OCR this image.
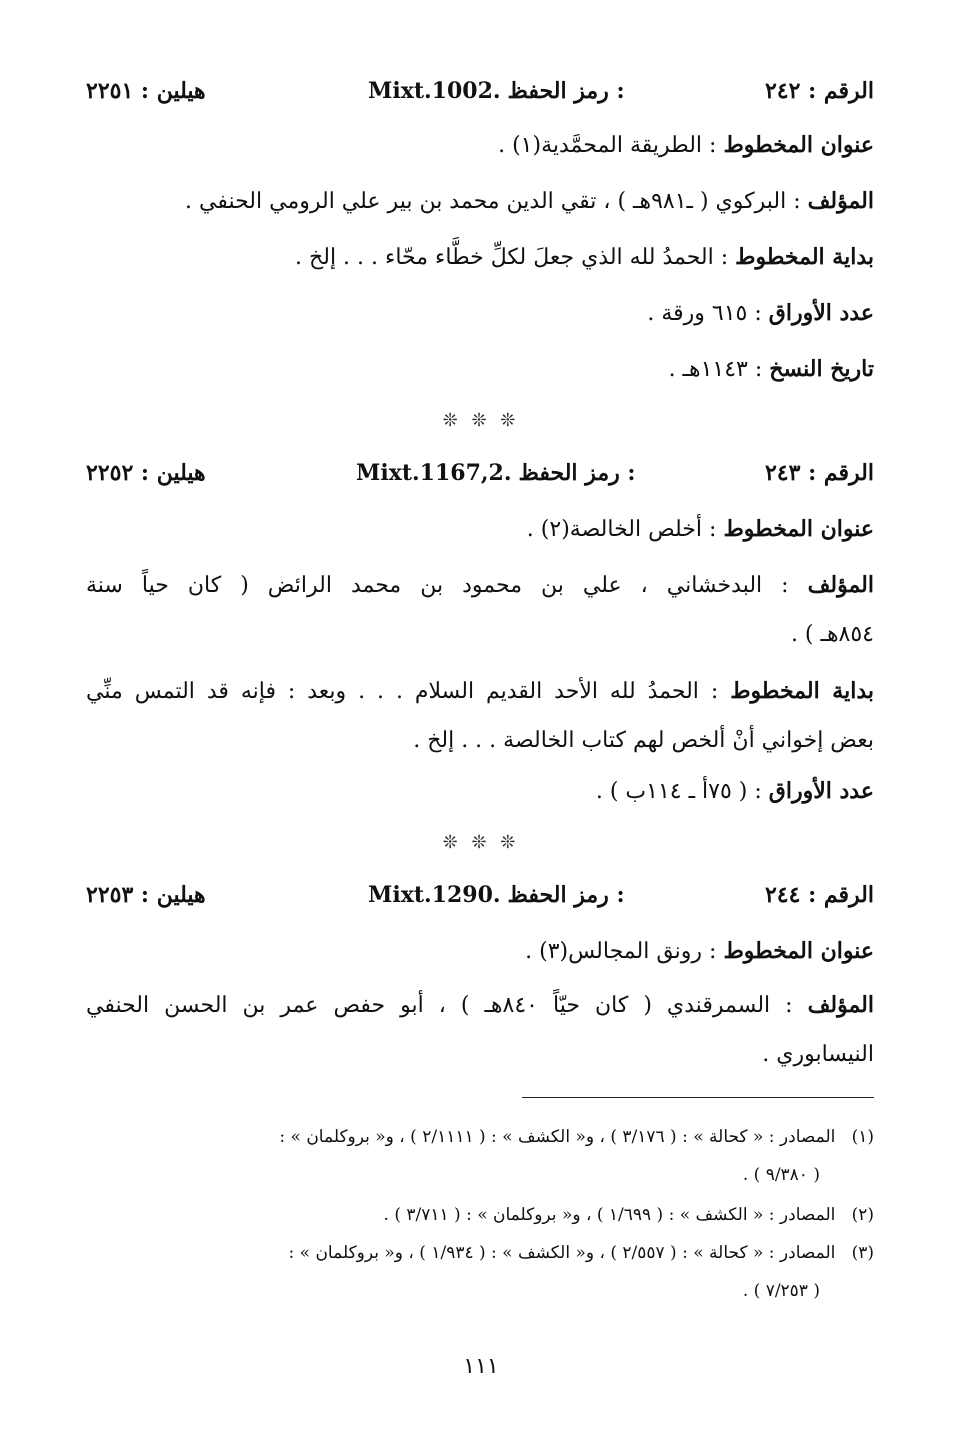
الرقم : ٢٤٢
Mixt.1002. رمز الحفظ :
هيلين : ٢٢٥١
عنوان المخطوط : الطريقة المحمَّدية(١) .
المؤلف : البركوي ( ـ٩٨١هـ ) ، تقي الدين محمد بن بير علي الرومي الحنفي .
بداية المخطوط : الحمدُ لله الذي جعلَ لكلِّ خطَّاء محّاء . . . إلخ .
عدد الأوراق : ٦١٥ ورقة .
تاريخ النسخ : ١١٤٣هـ .
❊ ❊ ❊
الرقم : ٢٤٣
Mixt.1167,2. رمز الحفظ :
هيلين : ٢٢٥٢
عنوان المخطوط : أخلص الخالصة(٢) .
المؤلف : البدخشاني ، علي بن محمود بن محمد الرائض ( كان حياً سنة
٨٥٤هـ ) .
بداية المخطوط : الحمدُ لله الأحد القديم السلام . . . وبعد : فإنه قد التمس منِّي
بعض إخواني أنْ ألخص لهم كتاب الخالصة . . . إلخ .
عدد الأوراق : ( ٧٥أ ـ ١١٤ب ) .
❊ ❊ ❊
الرقم : ٢٤٤
Mixt.1290. رمز الحفظ :
هيلين : ٢٢٥٣
عنوان المخطوط : رونق المجالس(٣) .
المؤلف : السمرقندي ( كان حيّاً ٨٤٠هـ ) ، أبو حفص عمر بن الحسن الحنفي
النيسابوري .
(١)   المصادر : « كحالة » : ( ٣/١٧٦ ) ، و« الكشف » : ( ٢/١١١١ ) ، و« بروكلمان » :
( ٩/٣٨٠ ) .
(٢)   المصادر : « الكشف » : ( ١/٦٩٩ ) ، و« بروكلمان » : ( ٣/٧١١ ) .
(٣)   المصادر : « كحالة » : ( ٢/٥٥٧ ) ، و« الكشف » : ( ١/٩٣٤ ) ، و« بروكلمان » :
( ٧/٢٥٣ ) .
١١١
